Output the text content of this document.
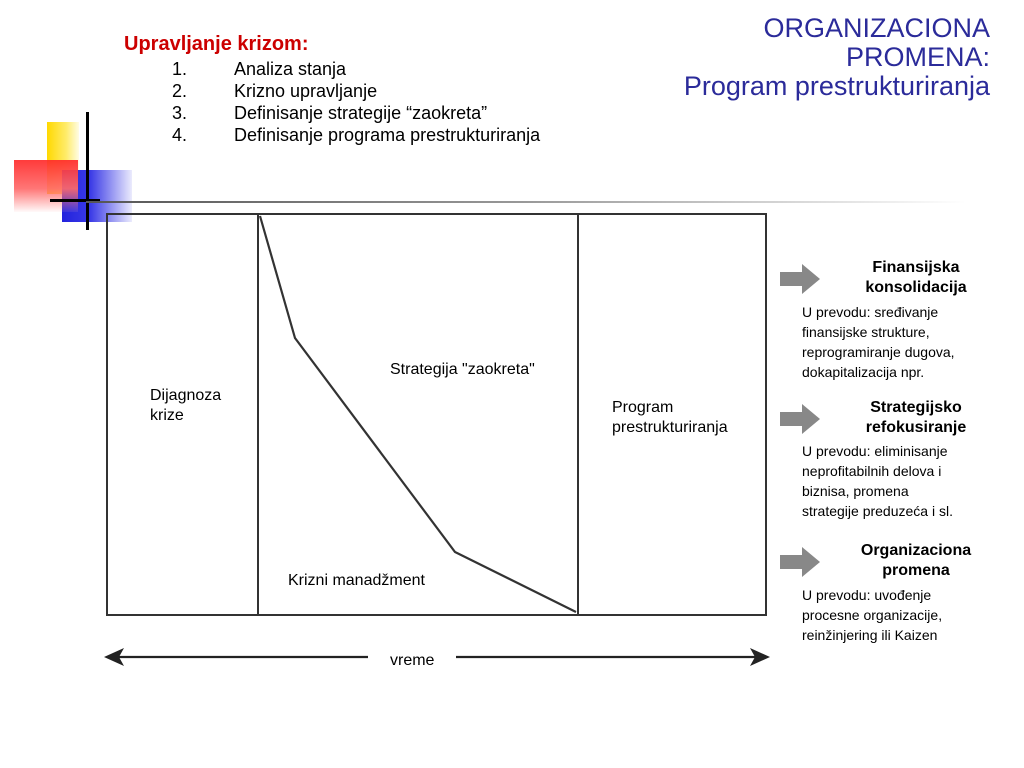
ORGANIZACIONA
PROMENA:
Program prestrukturiranja
Upravljanje krizom:
1.	Analiza stanja
2.	Krizno upravljanje
3.	Definisanje strategije “zaokreta”
4.	Definisanje programa prestrukturiranja
Dijagnoza
krize
Strategija "zaokreta"
Program
prestrukturiranja
Krizni manadžment
vreme
Finansijska
konsolidacija
U prevodu: sređivanje
finansijske strukture,
reprogramiranje dugova,
dokapitalizacija npr.
Strategijsko
refokusiranje
U prevodu: eliminisanje
neprofitabilnih delova i
biznisa, promena
strategije preduzeća i sl.
Organizaciona
promena
U prevodu: uvođenje
procesne organizacije,
reinžinjering ili Kaizen
